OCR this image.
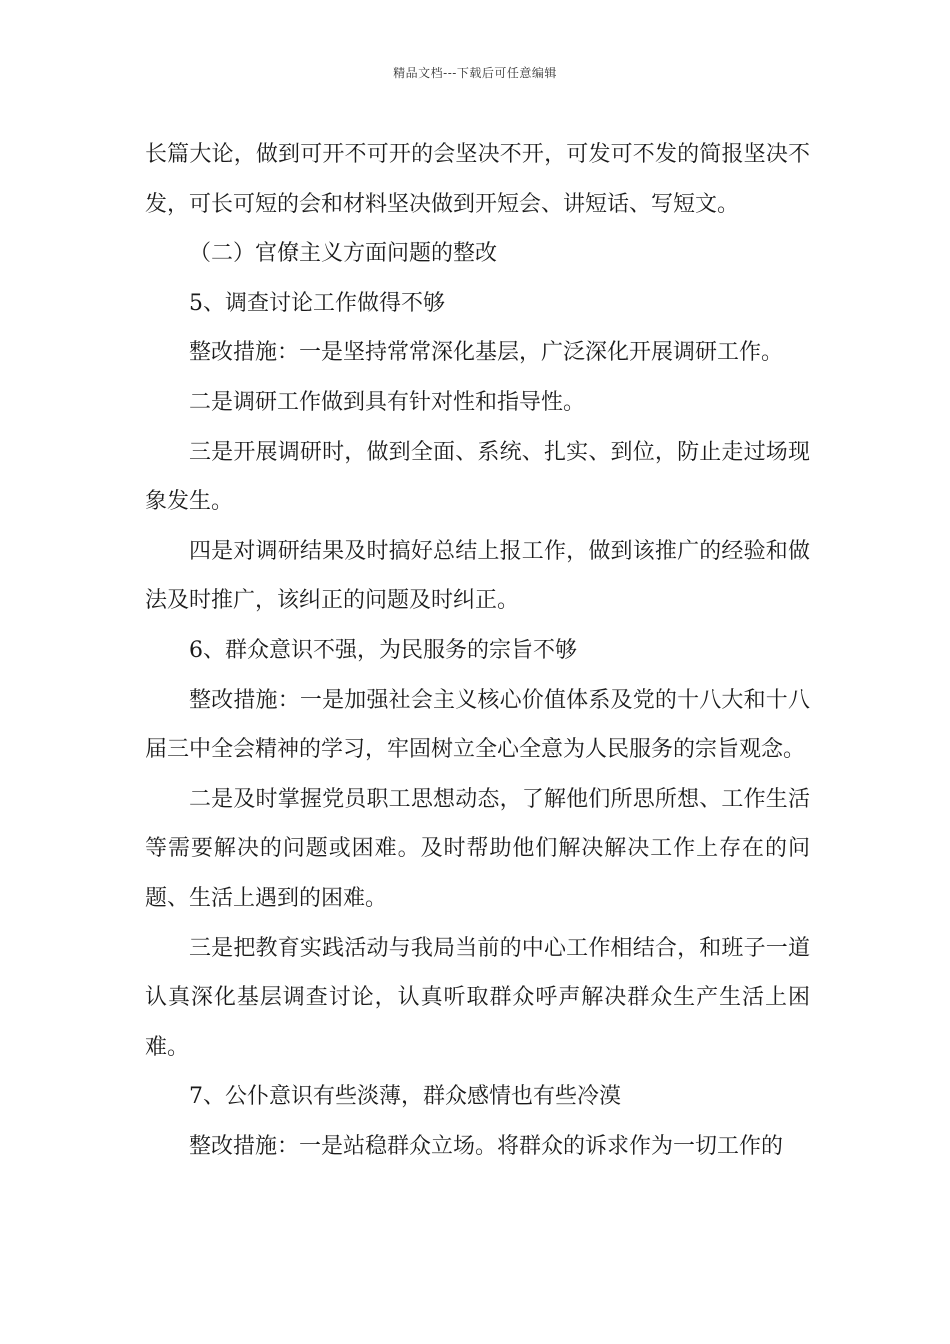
精品文档---下载后可任意编辑

长篇大论，做到可开不可开的会坚决不开，可发可不发的简报坚决不发，可长可短的会和材料坚决做到开短会、讲短话、写短文。

（二）官僚主义方面问题的整改

5、调查讨论工作做得不够

整改措施：一是坚持常常深化基层，广泛深化开展调研工作。

二是调研工作做到具有针对性和指导性。

三是开展调研时，做到全面、系统、扎实、到位，防止走过场现象发生。

四是对调研结果及时搞好总结上报工作，做到该推广的经验和做法及时推广，该纠正的问题及时纠正。

6、群众意识不强，为民服务的宗旨不够

整改措施：一是加强社会主义核心价值体系及党的十八大和十八届三中全会精神的学习，牢固树立全心全意为人民服务的宗旨观念。

二是及时掌握党员职工思想动态，了解他们所思所想、工作生活等需要解决的问题或困难。及时帮助他们解决解决工作上存在的问题、生活上遇到的困难。

三是把教育实践活动与我局当前的中心工作相结合，和班子一道认真深化基层调查讨论，认真听取群众呼声解决群众生产生活上困难。

7、公仆意识有些淡薄，群众感情也有些冷漠

整改措施：一是站稳群众立场。将群众的诉求作为一切工作的
